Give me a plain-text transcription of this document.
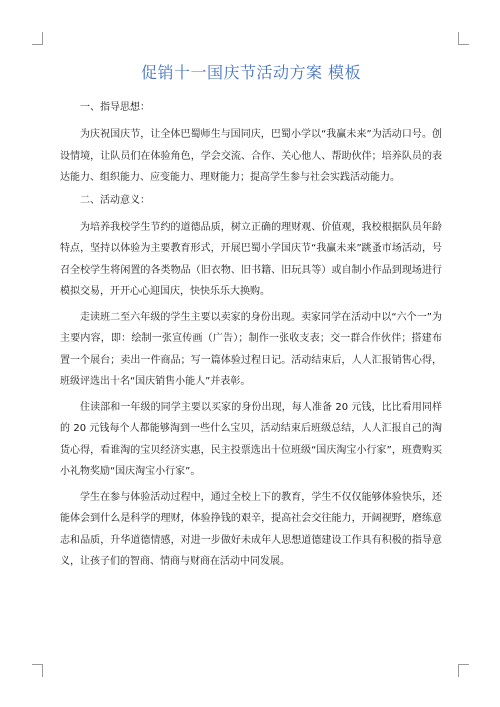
促销十一国庆节活动方案 模板
一、指导思想：

为庆祝国庆节，让全体巴蜀师生与国同庆，巴蜀小学以“我赢未来”为活动口号。创设情境，让队员们在体验角色，学会交流、合作、关心他人、帮助伙伴；培养队员的表达能力、组织能力、应变能力、理财能力；提高学生参与社会实践活动能力。

二、活动意义：

为培养我校学生节约的道德品质，树立正确的理财观、价值观，我校根据队员年龄特点，坚持以体验为主要教育形式，开展巴蜀小学国庆节“我赢未来”跳蚤市场活动，号召全校学生将闲置的各类物品（旧衣物、旧书籍、旧玩具等）或自制小作品到现场进行模拟交易，开开心心迎国庆，快快乐乐大换购。

走读班二至六年级的学生主要以卖家的身份出现。卖家同学在活动中以“六个一”为主要内容，即：绘制一张宣传画（广告）；制作一张收支表；交一群合作伙伴；搭建布置一个展台；卖出一件商品；写一篇体验过程日记。活动结束后，人人汇报销售心得，班级评选出十名“国庆销售小能人”并表彰。

住读部和一年级的同学主要以买家的身份出现，每人准备 20 元钱，比比看用同样的 20 元钱每个人都能够淘到一些什么宝贝，活动结束后班级总结，人人汇报自己的淘货心得，看谁淘的宝贝经济实惠，民主投票选出十位班级“国庆淘宝小行家”，班费购买小礼物奖励“国庆淘宝小行家”。

学生在参与体验活动过程中，通过全校上下的教育，学生不仅仅能够体验快乐，还能体会到什么是科学的理财，体验挣钱的艰辛，提高社会交往能力，开阔视野，磨练意志和品质，升华道德情感，对进一步做好未成年人思想道德建设工作具有积极的指导意义，让孩子们的智商、情商与财商在活动中同发展。
